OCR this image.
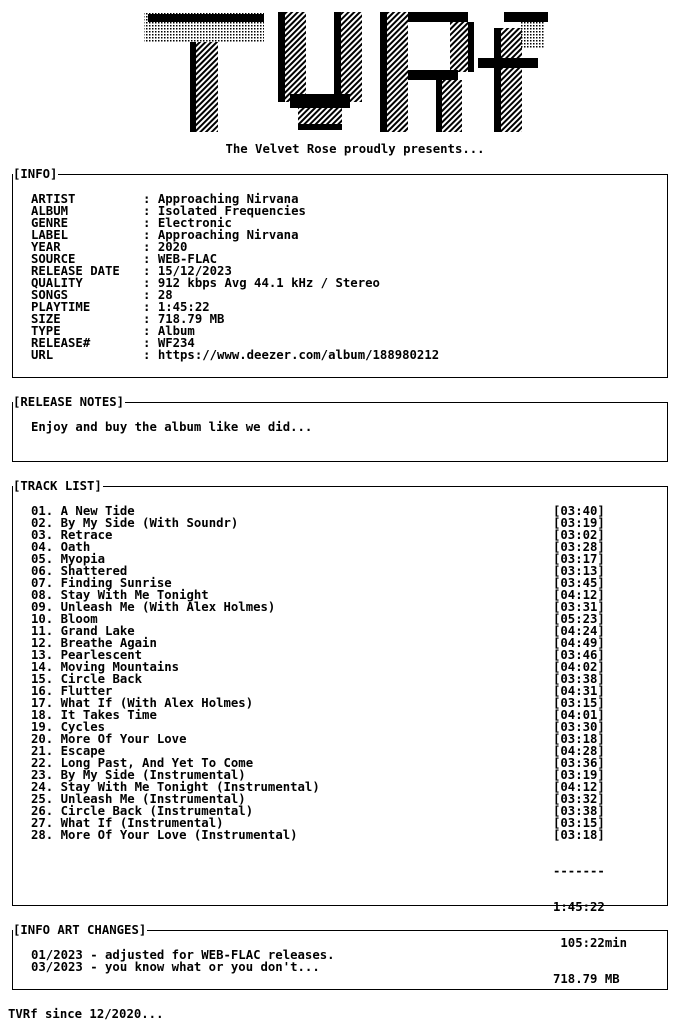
The Velvet Rose proudly presents...
[INFO]
ARTIST	: Approaching Nirvana
ALBUM	: Isolated Frequencies
GENRE	: Electronic
LABEL	: Approaching Nirvana
YEAR	: 2020
SOURCE	: WEB-FLAC
RELEASE DATE : 15/12/2023
QUALITY	: 912 kbps Avg 44.1 kHz / Stereo
SONGS	: 28
PLAYTIME	: 1:45:22
SIZE	: 718.79 MB
TYPE	: Album
RELEASE#	: WF234
URL	: https://www.deezer.com/album/188980212
[RELEASE NOTES]
Enjoy and buy the album like we did...
[TRACK LIST]
01. A New Tide	[03:40]
02. By My Side (With Soundr)	[03:19]
03. Retrace	[03:02]
04. Oath	[03:28]
05. Myopia	[03:17]
06. Shattered	[03:13]
07. Finding Sunrise	[03:45]
08. Stay With Me Tonight	[04:12]
09. Unleash Me (With Alex Holmes)	[03:31]
10. Bloom	[05:23]
11. Grand Lake	[04:24]
12. Breathe Again	[04:49]
13. Pearlescent	[03:46]
14. Moving Mountains	[04:02]
15. Circle Back	[03:38]
16. Flutter	[04:31]
17. What If (With Alex Holmes)	[03:15]
18. It Takes Time	[04:01]
19. Cycles	[03:30]
20. More Of Your Love	[03:18]
21. Escape	[04:28]
22. Long Past, And Yet To Come	[03:36]
23. By My Side (Instrumental)	[03:19]
24. Stay With Me Tonight (Instrumental)	[04:12]
25. Unleash Me (Instrumental)	[03:32]
26. Circle Back (Instrumental)	[03:38]
27. What If (Instrumental)	[03:15]
28. More Of Your Love (Instrumental)	[03:18]

-------

1:45:22

105:22min

718.79 MB

[INFO ART CHANGES]
01/2023 - adjusted for WEB-FLAC releases.
03/2023 - you know what or you don't...
TVRf since 12/2020...
